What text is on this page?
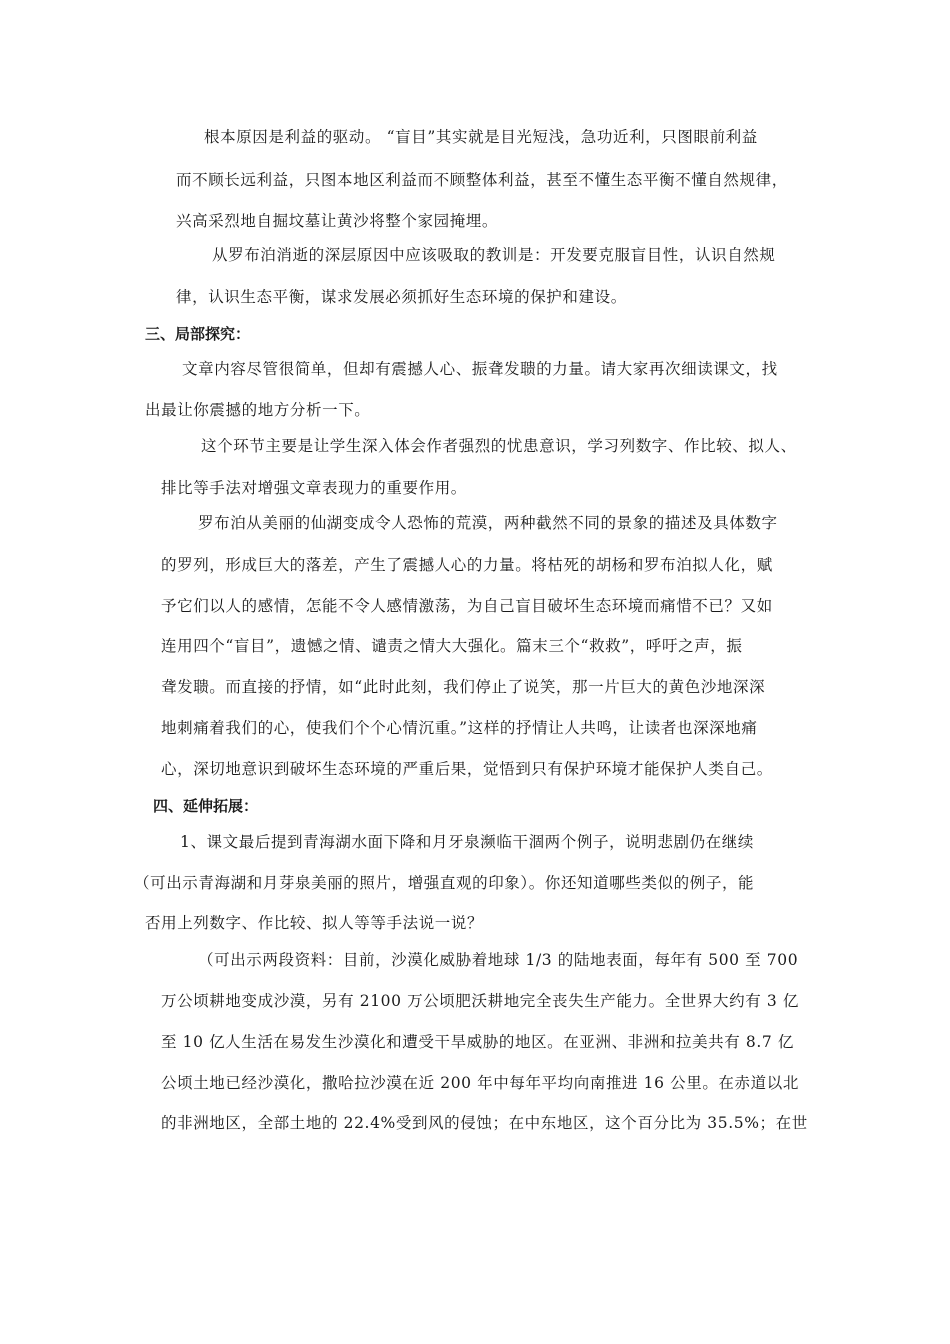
根本原因是利益的驱动。 “盲目”其实就是目光短浅，急功近利，只图眼前利益
而不顾长远利益，只图本地区利益而不顾整体利益，甚至不懂生态平衡不懂自然规律，
兴高采烈地自掘坟墓让黄沙将整个家园掩埋。
从罗布泊消逝的深层原因中应该吸取的教训是：开发要克服盲目性，认识自然规
律，认识生态平衡，谋求发展必须抓好生态环境的保护和建设。
三、局部探究：
文章内容尽管很简单，但却有震撼人心、振聋发聩的力量。请大家再次细读课文，找
出最让你震撼的地方分析一下。
这个环节主要是让学生深入体会作者强烈的忧患意识，学习列数字、作比较、拟人、
排比等手法对增强文章表现力的重要作用。
罗布泊从美丽的仙湖变成令人恐怖的荒漠，两种截然不同的景象的描述及具体数字
的罗列，形成巨大的落差，产生了震撼人心的力量。将枯死的胡杨和罗布泊拟人化，赋
予它们以人的感情，怎能不令人感情激荡，为自己盲目破坏生态环境而痛惜不已？又如
连用四个“盲目”，遗憾之情、谴责之情大大强化。篇末三个“救救”，呼吁之声，振
聋发聩。而直接的抒情，如“此时此刻，我们停止了说笑，那一片巨大的黄色沙地深深
地刺痛着我们的心，使我们个个心情沉重。”这样的抒情让人共鸣，让读者也深深地痛
心，深切地意识到破坏生态环境的严重后果，觉悟到只有保护环境才能保护人类自己。
四、延伸拓展：
1、课文最后提到青海湖水面下降和月牙泉濒临干涸两个例子，说明悲剧仍在继续
（可出示青海湖和月芽泉美丽的照片，增强直观的印象）。你还知道哪些类似的例子，能
否用上列数字、作比较、拟人等等手法说一说？
（可出示两段资料：目前，沙漠化威胁着地球 1/3 的陆地表面，每年有 500 至 700
万公顷耕地变成沙漠，另有 2100 万公顷肥沃耕地完全丧失生产能力。全世界大约有 3 亿
至 10 亿人生活在易发生沙漠化和遭受干旱威胁的地区。在亚洲、非洲和拉美共有 8.7 亿
公顷土地已经沙漠化，撒哈拉沙漠在近 200 年中每年平均向南推进 16 公里。在赤道以北
的非洲地区，全部土地的 22.4%受到风的侵蚀；在中东地区，这个百分比为 35.5%；在世
